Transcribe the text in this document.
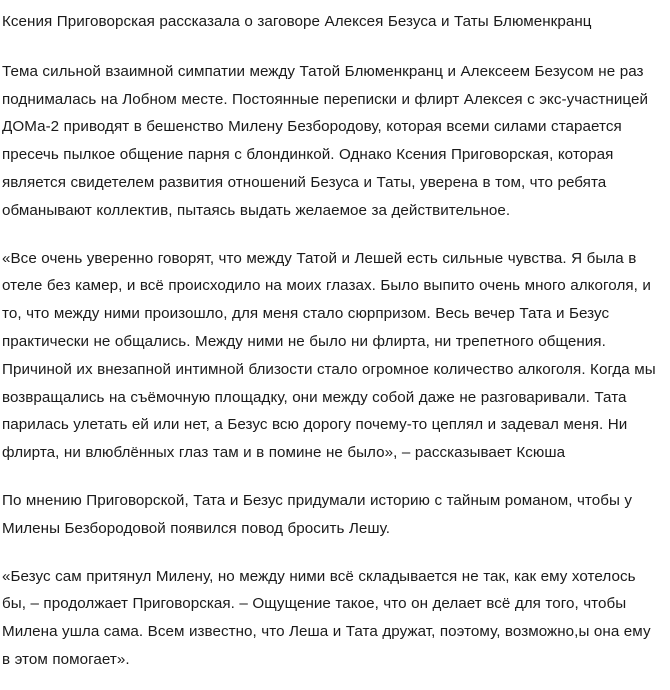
Ксения Приговорская рассказала о заговоре Алексея Безуса и Таты Блюменкранц

Тема сильной взаимной симпатии между Татой Блюменкранц и Алексеем Безусом не раз поднималась на Лобном месте. Постоянные переписки и флирт Алексея с экс-участницей ДОМа-2 приводят в бешенство Милену Безбородову, которая всеми силами старается пресечь пылкое общение парня с блондинкой. Однако Ксения Приговорская, которая является свидетелем развития отношений Безуса и Таты, уверена в том, что ребята обманывают коллектив, пытаясь выдать желаемое за действительное.

«Все очень уверенно говорят, что между Татой и Лешей есть сильные чувства. Я была в отеле без камер, и всё происходило на моих глазах. Было выпито очень много алкоголя, и то, что между ними произошло, для меня стало сюрпризом. Весь вечер Тата и Безус практически не общались. Между ними не было ни флирта, ни трепетного общения. Причиной их внезапной интимной близости стало огромное количество алкоголя. Когда мы возвращались на съёмочную площадку, они между собой даже не разговаривали. Тата парилась улетать ей или нет, а Безус всю дорогу почему-то цеплял и задевал меня. Ни флирта, ни влюблённых глаз там и в помине не было», – рассказывает Ксюша

По мнению Приговорской, Тата и Безус придумали историю с тайным романом, чтобы у Милены Безбородовой появился повод бросить Лешу.

«Безус сам притянул Милену, но между ними всё складывается не так, как ему хотелось бы, – продолжает Приговорская. – Ощущение такое, что он делает всё для того, чтобы Милена ушла сама. Всем известно, что Леша и Тата дружат, поэтому, возможно,ы она ему в этом помогает».
